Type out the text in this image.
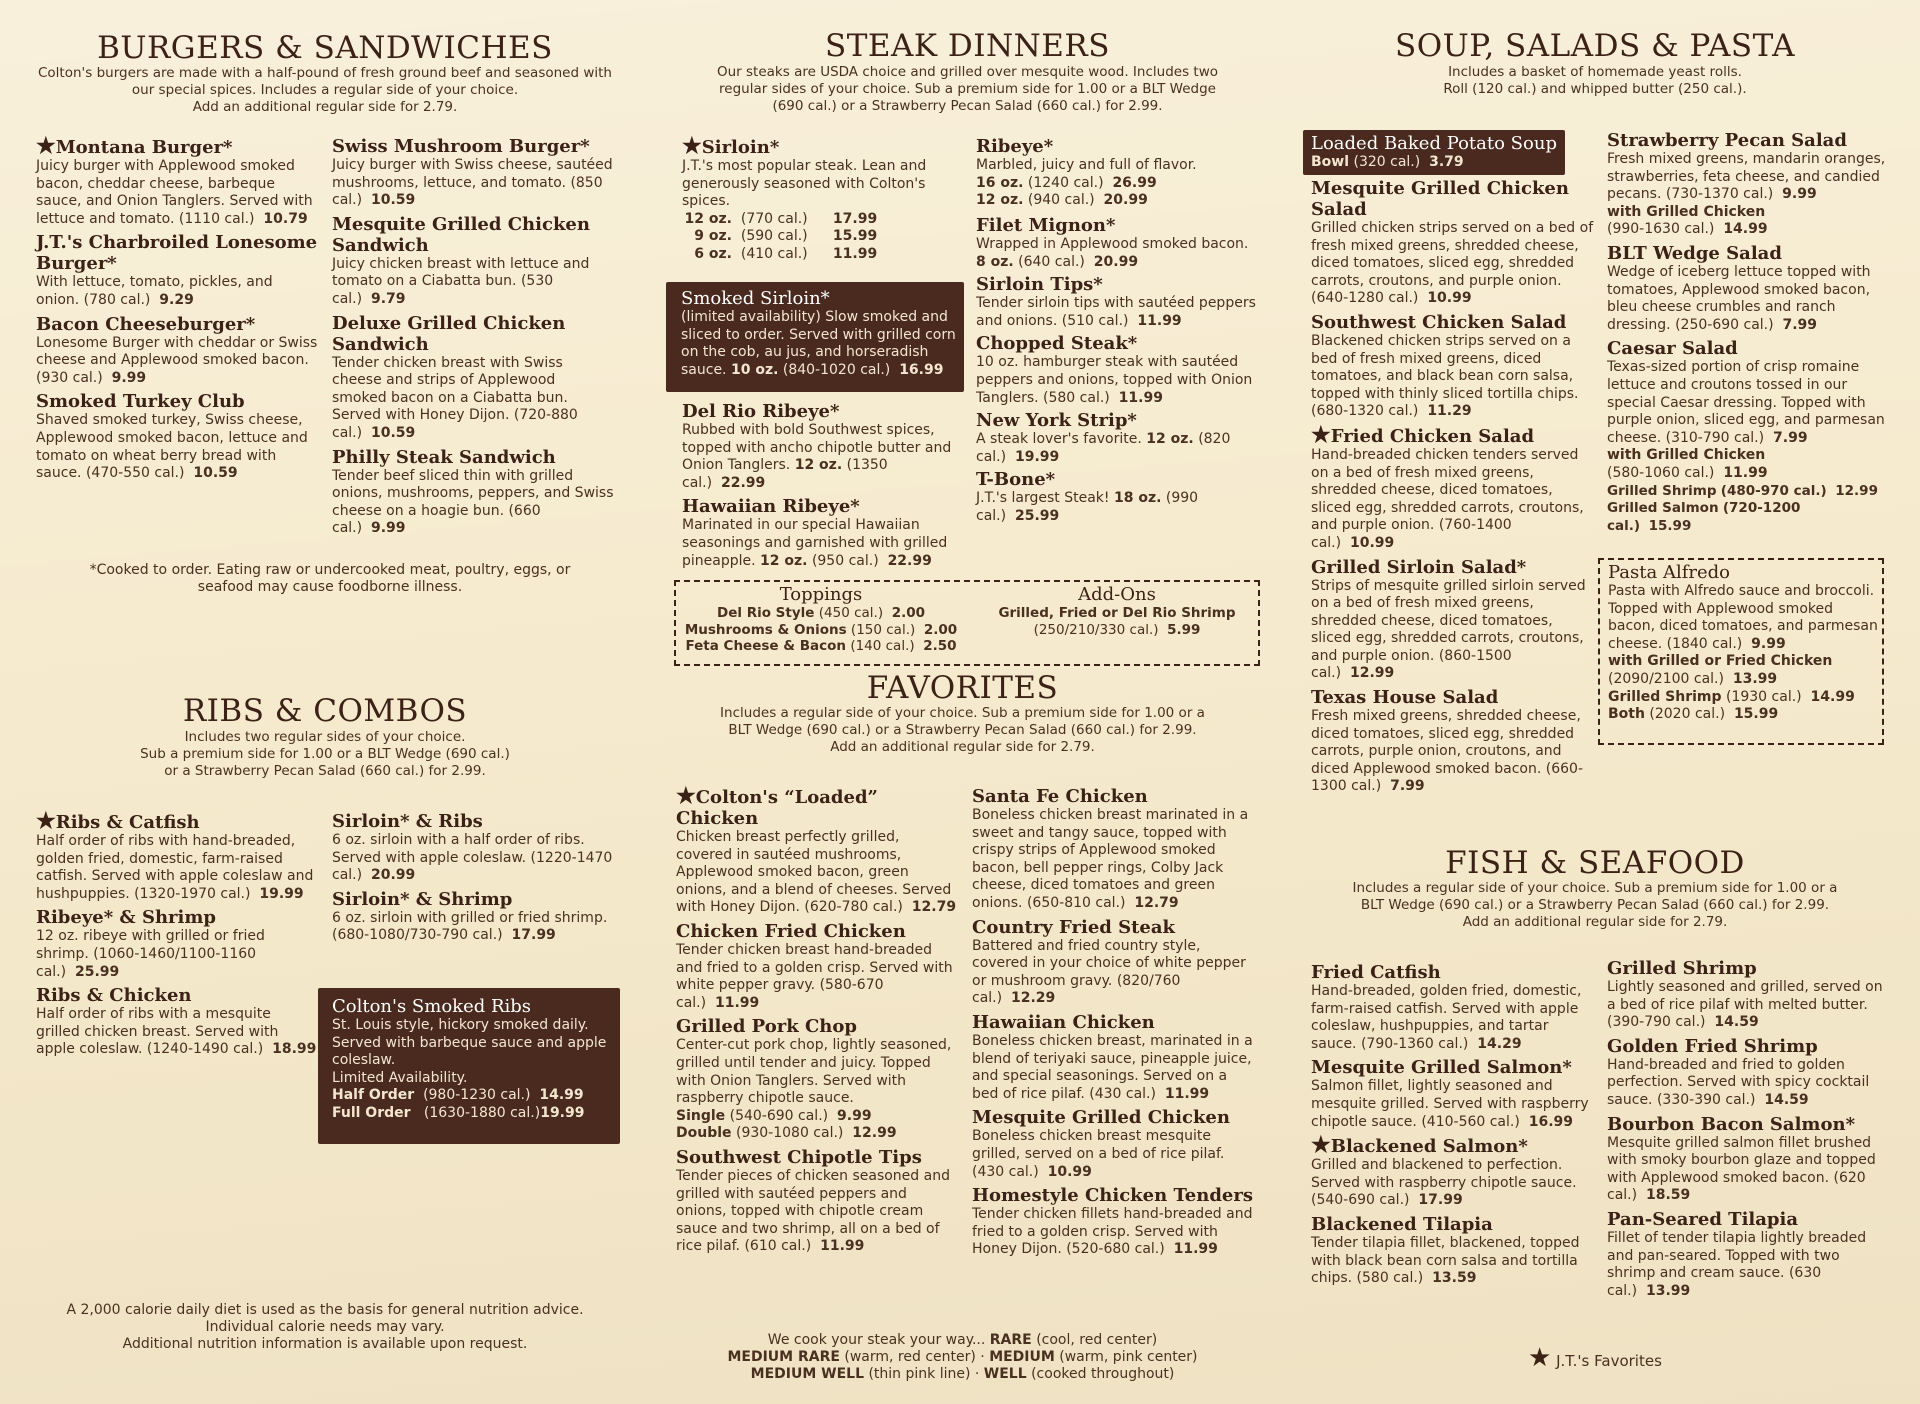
BURGERS & SANDWICHES
Colton's burgers are made with a half-pound of fresh ground beef and seasoned with
our special spices. Includes a regular side of your choice.
Add an additional regular side for 2.79.
★Montana Burger*
Juicy burger with Applewood smoked bacon, cheddar cheese, barbeque sauce, and Onion Tanglers. Served with lettuce and tomato. (1110 cal.) 10.79
J.T.'s Charbroiled Lonesome Burger*
With lettuce, tomato, pickles, and onion. (780 cal.) 9.29
Bacon Cheeseburger*
Lonesome Burger with cheddar or Swiss cheese and Applewood smoked bacon. (930 cal.) 9.99
Smoked Turkey Club
Shaved smoked turkey, Swiss cheese, Applewood smoked bacon, lettuce and tomato on wheat berry bread with sauce. (470-550 cal.) 10.59
Swiss Mushroom Burger*
Juicy burger with Swiss cheese, sautéed mushrooms, lettuce, and tomato. (850 cal.) 10.59
Mesquite Grilled Chicken Sandwich
Juicy chicken breast with lettuce and tomato on a Ciabatta bun. (530 cal.) 9.79
Deluxe Grilled Chicken Sandwich
Tender chicken breast with Swiss cheese and strips of Applewood smoked bacon on a Ciabatta bun. Served with Honey Dijon. (720-880 cal.) 10.59
Philly Steak Sandwich
Tender beef sliced thin with grilled onions, mushrooms, peppers, and Swiss cheese on a hoagie bun. (660 cal.) 9.99
*Cooked to order. Eating raw or undercooked meat, poultry, eggs, or
seafood may cause foodborne illness.
RIBS & COMBOS
Includes two regular sides of your choice.
Sub a premium side for 1.00 or a BLT Wedge (690 cal.)
or a Strawberry Pecan Salad (660 cal.) for 2.99.
★Ribs & Catfish
Half order of ribs with hand-breaded, golden fried, domestic, farm-raised catfish. Served with apple coleslaw and hushpuppies. (1320-1970 cal.) 19.99
Ribeye* & Shrimp
12 oz. ribeye with grilled or fried shrimp. (1060-1460/1100-1160 cal.) 25.99
Ribs & Chicken
Half order of ribs with a mesquite grilled chicken breast. Served with apple coleslaw. (1240-1490 cal.) 18.99
Sirloin* & Ribs
6 oz. sirloin with a half order of ribs. Served with apple coleslaw. (1220-1470 cal.) 20.99
Sirloin* & Shrimp
6 oz. sirloin with grilled or fried shrimp. (680-1080/730-790 cal.) 17.99
Colton's Smoked Ribs
St. Louis style, hickory smoked daily. Served with barbeque sauce and apple coleslaw.
Limited Availability.
Half Order (980-1230 cal.) 14.99
Full Order (1630-1880 cal.)19.99
A 2,000 calorie daily diet is used as the basis for general nutrition advice.
Individual calorie needs may vary.
Additional nutrition information is available upon request.
STEAK DINNERS
Our steaks are USDA choice and grilled over mesquite wood. Includes two
regular sides of your choice. Sub a premium side for 1.00 or a BLT Wedge
(690 cal.) or a Strawberry Pecan Salad (660 cal.) for 2.99.
★Sirloin*
J.T.'s most popular steak. Lean and generously seasoned with Colton's spices.
12 oz. (770 cal.) 17.99
9 oz. (590 cal.) 15.99
6 oz. (410 cal.) 11.99
Smoked Sirloin*
(limited availability) Slow smoked and sliced to order. Served with grilled corn on the cob, au jus, and horseradish sauce. 10 oz. (840-1020 cal.) 16.99
Del Rio Ribeye*
Rubbed with bold Southwest spices, topped with ancho chipotle butter and Onion Tanglers. 12 oz. (1350 cal.) 22.99
Hawaiian Ribeye*
Marinated in our special Hawaiian seasonings and garnished with grilled pineapple. 12 oz. (950 cal.) 22.99
Ribeye*
Marbled, juicy and full of flavor.
16 oz. (1240 cal.) 26.99
12 oz. (940 cal.) 20.99
Filet Mignon*
Wrapped in Applewood smoked bacon. 8 oz. (640 cal.) 20.99
Sirloin Tips*
Tender sirloin tips with sautéed peppers and onions. (510 cal.) 11.99
Chopped Steak*
10 oz. hamburger steak with sautéed peppers and onions, topped with Onion Tanglers. (580 cal.) 11.99
New York Strip*
A steak lover's favorite. 12 oz. (820 cal.) 19.99
T-Bone*
J.T.'s largest Steak! 18 oz. (990 cal.) 25.99
Toppings
Del Rio Style (450 cal.) 2.00
Mushrooms & Onions (150 cal.) 2.00
Feta Cheese & Bacon (140 cal.) 2.50
Add-Ons
Grilled, Fried or Del Rio Shrimp
(250/210/330 cal.) 5.99
FAVORITES
Includes a regular side of your choice. Sub a premium side for 1.00 or a
BLT Wedge (690 cal.) or a Strawberry Pecan Salad (660 cal.) for 2.99.
Add an additional regular side for 2.79.
★Colton's “Loaded” Chicken
Chicken breast perfectly grilled, covered in sautéed mushrooms, Applewood smoked bacon, green onions, and a blend of cheeses. Served with Honey Dijon. (620-780 cal.) 12.79
Chicken Fried Chicken
Tender chicken breast hand-breaded and fried to a golden crisp. Served with white pepper gravy. (580-670 cal.) 11.99
Grilled Pork Chop
Center-cut pork chop, lightly seasoned, grilled until tender and juicy. Topped with Onion Tanglers. Served with raspberry chipotle sauce.
Single (540-690 cal.) 9.99
Double (930-1080 cal.) 12.99
Southwest Chipotle Tips
Tender pieces of chicken seasoned and grilled with sautéed peppers and onions, topped with chipotle cream sauce and two shrimp, all on a bed of rice pilaf. (610 cal.) 11.99
Santa Fe Chicken
Boneless chicken breast marinated in a sweet and tangy sauce, topped with crispy strips of Applewood smoked bacon, bell pepper rings, Colby Jack cheese, diced tomatoes and green onions. (650-810 cal.) 12.79
Country Fried Steak
Battered and fried country style, covered in your choice of white pepper or mushroom gravy. (820/760 cal.) 12.29
Hawaiian Chicken
Boneless chicken breast, marinated in a blend of teriyaki sauce, pineapple juice, and special seasonings. Served on a bed of rice pilaf. (430 cal.) 11.99
Mesquite Grilled Chicken
Boneless chicken breast mesquite grilled, served on a bed of rice pilaf. (430 cal.) 10.99
Homestyle Chicken Tenders
Tender chicken fillets hand-breaded and fried to a golden crisp. Served with Honey Dijon. (520-680 cal.) 11.99
We cook your steak your way... RARE (cool, red center)
MEDIUM RARE (warm, red center) · MEDIUM (warm, pink center)
MEDIUM WELL (thin pink line) · WELL (cooked throughout)
SOUP, SALADS & PASTA
Includes a basket of homemade yeast rolls.
Roll (120 cal.) and whipped butter (250 cal.).
Loaded Baked Potato Soup
Bowl (320 cal.) 3.79
Mesquite Grilled Chicken Salad
Grilled chicken strips served on a bed of fresh mixed greens, shredded cheese, diced tomatoes, sliced egg, shredded carrots, croutons, and purple onion. (640-1280 cal.) 10.99
Southwest Chicken Salad
Blackened chicken strips served on a bed of fresh mixed greens, diced tomatoes, and black bean corn salsa, topped with thinly sliced tortilla chips. (680-1320 cal.) 11.29
★Fried Chicken Salad
Hand-breaded chicken tenders served on a bed of fresh mixed greens, shredded cheese, diced tomatoes, sliced egg, shredded carrots, croutons, and purple onion. (760-1400 cal.) 10.99
Grilled Sirloin Salad*
Strips of mesquite grilled sirloin served on a bed of fresh mixed greens, shredded cheese, diced tomatoes, sliced egg, shredded carrots, croutons, and purple onion. (860-1500 cal.) 12.99
Texas House Salad
Fresh mixed greens, shredded cheese, diced tomatoes, sliced egg, shredded carrots, purple onion, croutons, and diced Applewood smoked bacon. (660-1300 cal.) 7.99
Strawberry Pecan Salad
Fresh mixed greens, mandarin oranges, strawberries, feta cheese, and candied pecans. (730-1370 cal.) 9.99
with Grilled Chicken
(990-1630 cal.) 14.99
BLT Wedge Salad
Wedge of iceberg lettuce topped with tomatoes, Applewood smoked bacon, bleu cheese crumbles and ranch dressing. (250-690 cal.) 7.99
Caesar Salad
Texas-sized portion of crisp romaine lettuce and croutons tossed in our special Caesar dressing. Topped with purple onion, sliced egg, and parmesan cheese. (310-790 cal.) 7.99
with Grilled Chicken
(580-1060 cal.) 11.99
Grilled Shrimp (480-970 cal.) 12.99
Grilled Salmon (720-1200 cal.) 15.99
Pasta Alfredo
Pasta with Alfredo sauce and broccoli. Topped with Applewood smoked bacon, diced tomatoes, and parmesan cheese. (1840 cal.) 9.99
with Grilled or Fried Chicken
(2090/2100 cal.) 13.99
Grilled Shrimp (1930 cal.) 14.99
Both (2020 cal.) 15.99
FISH & SEAFOOD
Includes a regular side of your choice. Sub a premium side for 1.00 or a
BLT Wedge (690 cal.) or a Strawberry Pecan Salad (660 cal.) for 2.99.
Add an additional regular side for 2.79.
Fried Catfish
Hand-breaded, golden fried, domestic, farm-raised catfish. Served with apple coleslaw, hushpuppies, and tartar sauce. (790-1360 cal.) 14.29
Mesquite Grilled Salmon*
Salmon fillet, lightly seasoned and mesquite grilled. Served with raspberry chipotle sauce. (410-560 cal.) 16.99
★Blackened Salmon*
Grilled and blackened to perfection. Served with raspberry chipotle sauce. (540-690 cal.) 17.99
Blackened Tilapia
Tender tilapia fillet, blackened, topped with black bean corn salsa and tortilla chips. (580 cal.) 13.59
Grilled Shrimp
Lightly seasoned and grilled, served on a bed of rice pilaf with melted butter. (390-790 cal.) 14.59
Golden Fried Shrimp
Hand-breaded and fried to golden perfection. Served with spicy cocktail sauce. (330-390 cal.) 14.59
Bourbon Bacon Salmon*
Mesquite grilled salmon fillet brushed with smoky bourbon glaze and topped with Applewood smoked bacon. (620 cal.) 18.59
Pan-Seared Tilapia
Fillet of tender tilapia lightly breaded and pan-seared. Topped with two shrimp and cream sauce. (630 cal.) 13.99
★ J.T.'s Favorites
